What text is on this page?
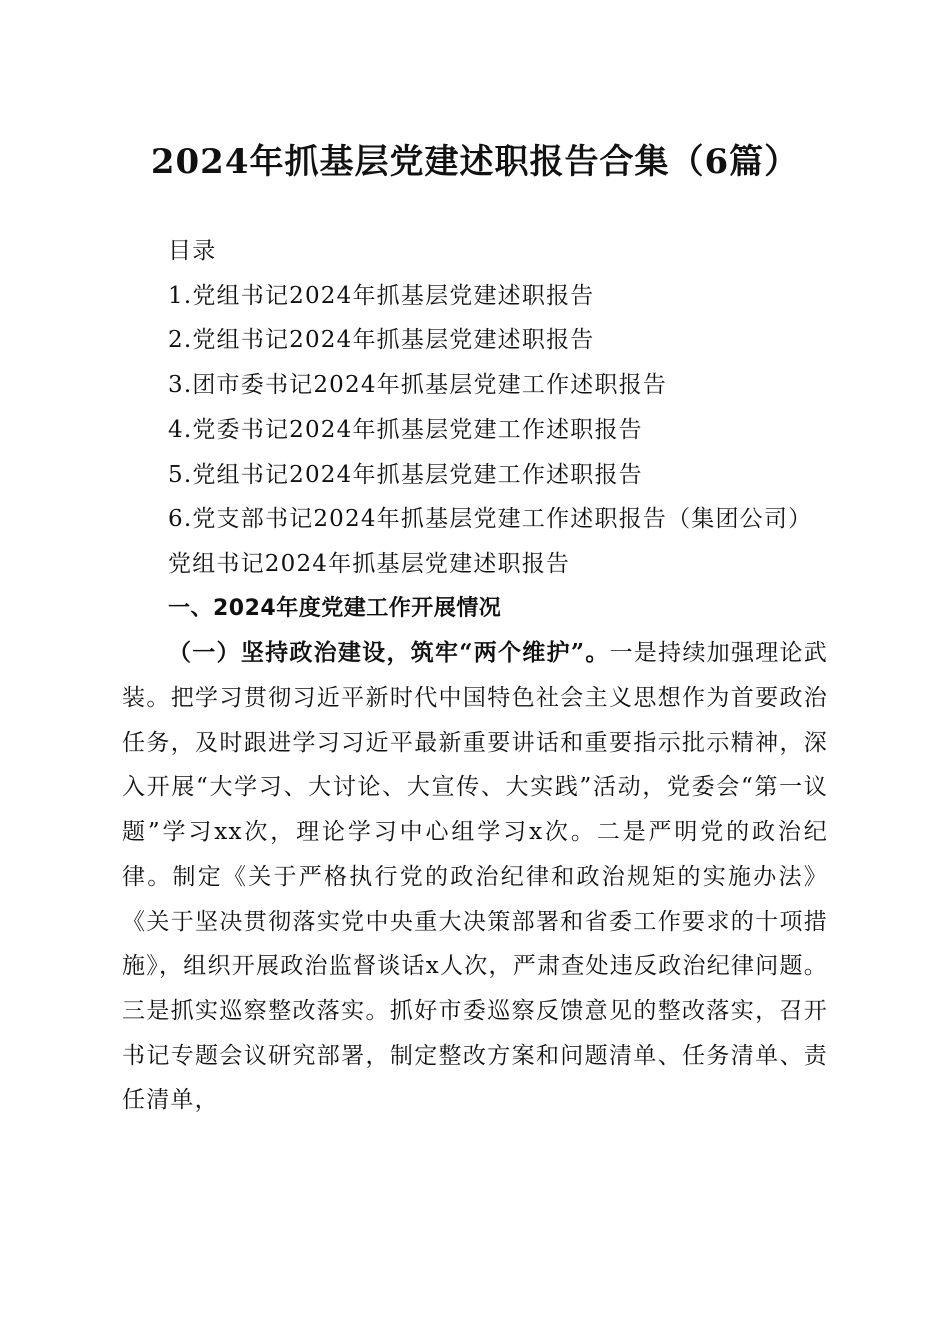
2024年抓基层党建述职报告合集（6篇）

目录

1.党组书记2024年抓基层党建述职报告

2.党组书记2024年抓基层党建述职报告

3.团市委书记2024年抓基层党建工作述职报告

4.党委书记2024年抓基层党建工作述职报告

5.党组书记2024年抓基层党建工作述职报告

6.党支部书记2024年抓基层党建工作述职报告（集团公司）

党组书记2024年抓基层党建述职报告

一、2024年度党建工作开展情况

（一）坚持政治建设，筑牢“两个维护”。一是持续加强理论武装。把学习贯彻习近平新时代中国特色社会主义思想作为首要政治任务，及时跟进学习习近平最新重要讲话和重要指示批示精神，深入开展“大学习、大讨论、大宣传、大实践”活动，党委会“第一议题”学习xx次，理论学习中心组学习x次。二是严明党的政治纪律。制定《关于严格执行党的政治纪律和政治规矩的实施办法》《关于坚决贯彻落实党中央重大决策部署和省委工作要求的十项措施》，组织开展政治监督谈话x人次，严肃查处违反政治纪律问题。三是抓实巡察整改落实。抓好市委巡察反馈意见的整改落实，召开书记专题会议研究部署，制定整改方案和问题清单、任务清单、责任清单，
